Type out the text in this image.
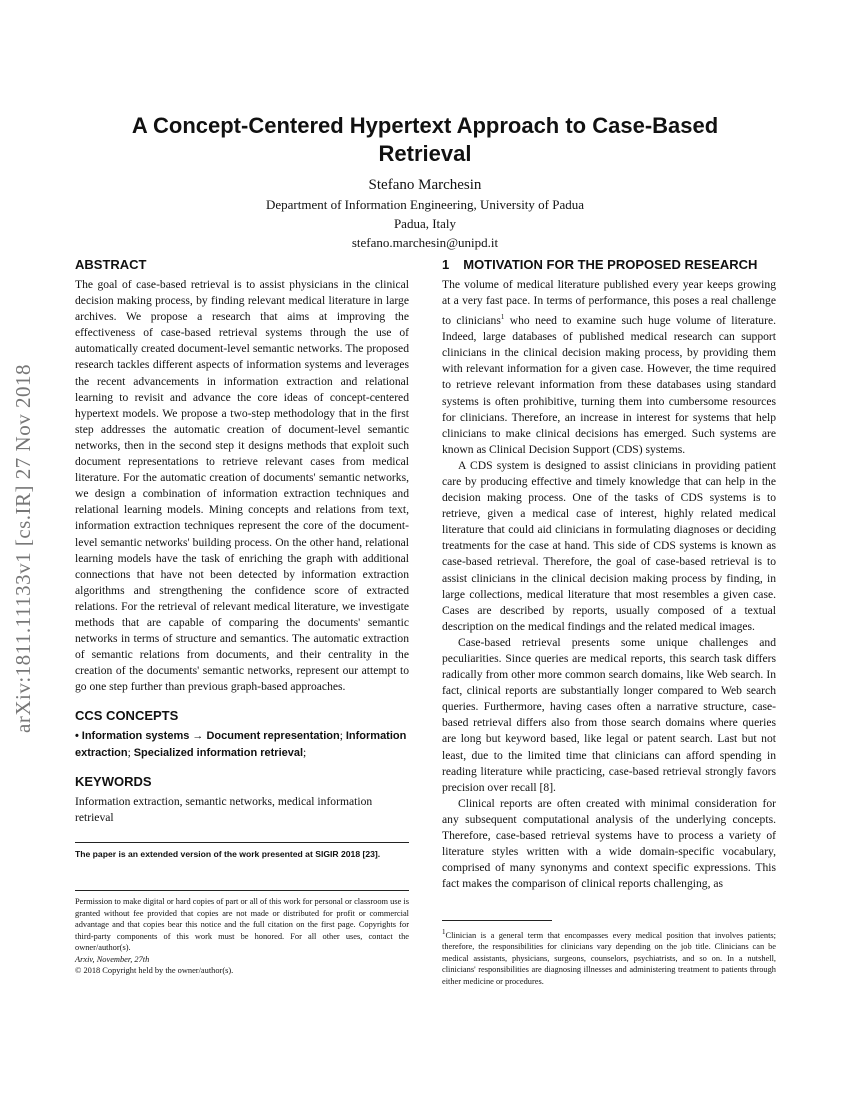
arXiv:1811.11133v1 [cs.IR] 27 Nov 2018
A Concept-Centered Hypertext Approach to Case-Based Retrieval
Stefano Marchesin
Department of Information Engineering, University of Padua
Padua, Italy
stefano.marchesin@unipd.it
ABSTRACT

The goal of case-based retrieval is to assist physicians in the clinical decision making process, by finding relevant medical literature in large archives. We propose a research that aims at improving the effectiveness of case-based retrieval systems through the use of automatically created document-level semantic networks. The proposed research tackles different aspects of information systems and leverages the recent advancements in information extraction and relational learning to revisit and advance the core ideas of concept-centered hypertext models. We propose a two-step methodology that in the first step addresses the automatic creation of document-level semantic networks, then in the second step it designs methods that exploit such document representations to retrieve relevant cases from medical literature. For the automatic creation of documents' semantic networks, we design a combination of information extraction techniques and relational learning models. Mining concepts and relations from text, information extraction techniques represent the core of the document-level semantic networks' building process. On the other hand, relational learning models have the task of enriching the graph with additional connections that have not been detected by information extraction algorithms and strengthening the confidence score of extracted relations. For the retrieval of relevant medical literature, we investigate methods that are capable of comparing the documents' semantic networks in terms of structure and semantics. The automatic extraction of semantic relations from documents, and their centrality in the creation of the documents' semantic networks, represent our attempt to go one step further than previous graph-based approaches.

CCS CONCEPTS

• Information systems → Document representation; Information extraction; Specialized information retrieval;

KEYWORDS

Information extraction, semantic networks, medical information retrieval

The paper is an extended version of the work presented at SIGIR 2018 [23].

Permission to make digital or hard copies of part or all of this work for personal or classroom use is granted without fee provided that copies are not made or distributed for profit or commercial advantage and that copies bear this notice and the full citation on the first page. Copyrights for third-party components of this work must be honored. For all other uses, contact the owner/author(s).

Arxiv, November, 27th

© 2018 Copyright held by the owner/author(s).

1 MOTIVATION FOR THE PROPOSED RESEARCH

The volume of medical literature published every year keeps growing at a very fast pace. In terms of performance, this poses a real challenge to clinicians$^1$ who need to examine such huge volume of literature. Indeed, large databases of published medical research can support clinicians in the clinical decision making process, by providing them with relevant information for a given case. However, the time required to retrieve relevant information from these databases using standard systems is often prohibitive, turning them into cumbersome resources for clinicians. Therefore, an increase in interest for systems that help clinicians to make clinical decisions has emerged. Such systems are known as Clinical Decision Support (CDS) systems.

A CDS system is designed to assist clinicians in providing patient care by producing effective and timely knowledge that can help in the decision making process. One of the tasks of CDS systems is to retrieve, given a medical case of interest, highly related medical literature that could aid clinicians in formulating diagnoses or deciding treatments for the case at hand. This side of CDS systems is known as case-based retrieval. Therefore, the goal of case-based retrieval is to assist clinicians in the clinical decision making process by finding, in large collections, medical literature that most resembles a given case. Cases are described by reports, usually composed of a textual description on the medical findings and the related medical images.

Case-based retrieval presents some unique challenges and peculiarities. Since queries are medical reports, this search task differs radically from other more common search domains, like Web search. In fact, clinical reports are substantially longer compared to Web search queries. Furthermore, having cases often a narrative structure, case-based retrieval differs also from those search domains where queries are long but keyword based, like legal or patent search. Last but not least, due to the limited time that clinicians can afford spending in reading literature while practicing, case-based retrieval strongly favors precision over recall [8].

Clinical reports are often created with minimal consideration for any subsequent computational analysis of the underlying concepts. Therefore, case-based retrieval systems have to process a variety of literature styles written with a wide domain-specific vocabulary, comprised of many synonyms and context specific expressions. This fact makes the comparison of clinical reports challenging, as

$^1$Clinician is a general term that encompasses every medical position that involves patients; therefore, the responsibilities for clinicians vary depending on the job title. Clinicians can be medical assistants, physicians, surgeons, counselors, psychiatrists, and so on. In a nutshell, clinicians' responsibilities are diagnosing illnesses and administering treatment to patients through either medicine or procedures.
